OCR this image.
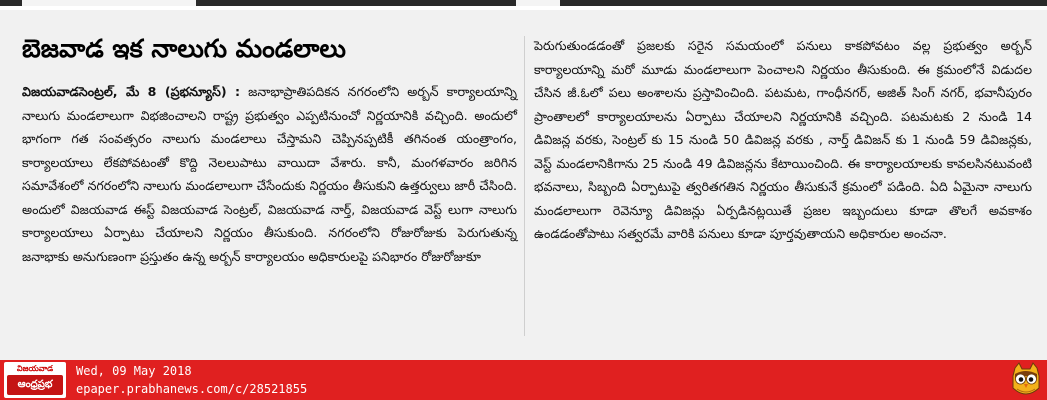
బెజవాడ ఇక నాలుగు మండలాలు

విజయవాడసెంట్రల్, మే 8 (ప్రభన్యూస్) : జనాభాప్రాతిపదికన నగరంలోని అర్బన్ కార్యాలయాన్ని నాలుగు మండలాలుగా విభజించాలని రాష్ట్ర ప్రభుత్వం ఎప్పటినుంచో నిర్ణయానికి వచ్చింది. అందులో భాగంగా గత సంవత్సరం నాలుగు మండలాలు చేస్తామని చెప్పినప్పటికీ తగినంత యంత్రాంగం, కార్యాలయాలు లేకపోవటంతో కొద్ది నెలలుపాటు వాయిదా వేశారు. కానీ, మంగళవారం జరిగిన సమావేశంలో నగరంలోని నాలుగు మండలాలుగా చేసేందుకు నిర్ణయం తీసుకుని ఉత్తర్వులు జారీ చేసింది. అందులో విజయవాడ ఈస్ట్ విజయవాడ సెంట్రల్, విజయవాడ నార్త్, విజయవాడ వెస్ట్ లుగా నాలుగు కార్యాలయాలు ఏర్పాటు చేయాలని నిర్ణయం తీసుకుంది. నగరంలోని రోజురోజుకు పెరుగుతున్న జనాభాకు అనుగుణంగా ప్రస్తుతం ఉన్న అర్బన్ కార్యాలయం అధికారులపై పనిభారం రోజురోజుకూ

పెరుగుతుండడంతో ప్రజలకు సరైన సమయంలో పనులు కాకపోవటం వల్ల ప్రభుత్వం అర్బన్ కార్యాలయాన్ని మరో మూడు మండలాలుగా పెంచాలని నిర్ణయం తీసుకుంది. ఈ క్రమంలోనే విడుదల చేసిన జీ.ఓలో పలు అంశాలను ప్రస్తావించింది. పటమట, గాంధీనగర్, అజిత్ సింగ్ నగర్, భవానీపురం ప్రాంతాలలో కార్యాలయాలను ఏర్పాటు చేయాలని నిర్ణయానికి వచ్చింది. పటమటకు 2 నుండి 14 డివిజన్ల వరకు, సెంట్రల్ కు 15 నుండి 50 డివిజన్ల వరకు , నార్త్ డివిజన్ కు 1 నుండి 59 డివిజన్లకు, వెస్ట్ మండలానికిగాను 25 నుండి 49 డివిజన్లను కేటాయించింది. ఈ కార్యాలయాలకు కావలసినటువంటి భవనాలు, సిబ్బంది ఏర్పాటుపై త్వరితగతిన నిర్ణయం తీసుకునే క్రమంలో పడింది. ఏది ఏమైనా నాలుగు మండలాలుగా రెవెన్యూ డివిజన్లు ఏర్పడినట్లయితే ప్రజల ఇబ్బందులు కూడా తొలగే అవకాశం ఉండడంతోపాటు సత్వరమే వారికి పనులు కూడా పూర్తవుతాయని అధికారుల అంచనా.

విజయవాడ
ఆంధ్రప్రభ
Wed, 09 May 2018
epaper.prabhanews.com/c/28521855
